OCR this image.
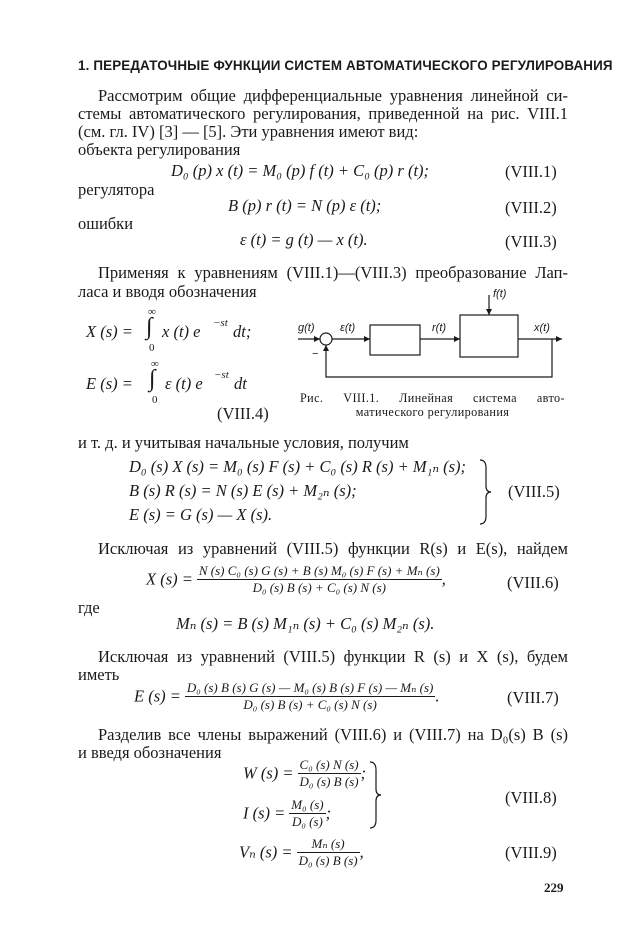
1. ПЕРЕДАТОЧНЫЕ ФУНКЦИИ СИСТЕМ АВТОМАТИЧЕСКОГО РЕГУЛИРОВАНИЯ
Рассмотрим общие дифференциальные уравнения линейной си-
стемы автоматического регулирования, приведенной на рис. VIII.1
(см. гл. IV) [3] — [5]. Эти уравнения имеют вид:
объекта регулирования
D₀ (p) x (t) = M₀ (p) f (t) + C₀ (p) r (t);	(VIII.1)
регулятора
B (p) r (t) = N (p) ε (t);	(VIII.2)
ошибки
ε (t) = g (t) — x (t).	(VIII.3)
Применяя к уравнениям (VIII.1)—(VIII.3) преобразование Лап-
ласа и вводя обозначения
X (s) =
∞
∫
0
x (t) e −st dt;
E (s) =
∞
∫
0
ε (t) e −st dt
(VIII.4)
f(t)
g(t) ε(t)	r(t)	x(t)
−
Рис. VIII.1. Линейная система авто-
матического регулирования
и т. д. и учитывая начальные условия, получим
D₀ (s) X (s) = M₀ (s) F (s) + C₀ (s) R (s) + M₁ₙ (s);
B (s) R (s) = N (s) E (s) + M₂ₙ (s);
E (s) = G (s) — X (s).
(VIII.5)
Исключая из уравнений (VIII.5) функции R(s) и E(s), найдем
X $(s) = \frac{\text{N (s) C₀ (s) G (s) + B (s) M₀ (s) F (s) + Mₙ (s)}}{\text{D₀ (s) B (s) + C₀ (s) N (s)}}$ ,	(VIII.6)
где
Mₙ (s) = B (s) M₁ₙ (s) + C₀ (s) M₂ₙ (s).
Исключая из уравнений (VIII.5) функции R (s) и X (s), будем
иметь
E $(s) = \frac{\text{D₀ (s) B (s) G (s) — M₀ (s) B (s) F (s) — Mₙ (s)}}{\text{D₀ (s) B (s) + C₀ (s) N (s)}}$ .	(VIII.7)
Разделив все члены выражений (VIII.6) и (VIII.7) на D₀(s) B (s)
и введя обозначения
W $(s) = \frac{\text{C₀ (s) N (s)}}{\text{D₀ (s) B (s)}}$ ;
I $(s) = \frac{\text{M₀ (s)}}{\text{D₀ (s)}}$ ;
(VIII.8)
Vₙ $(s) = \frac{\text{Mₙ (s)}}{\text{D₀ (s) B (s)}}$ ,	(VIII.9)
229
